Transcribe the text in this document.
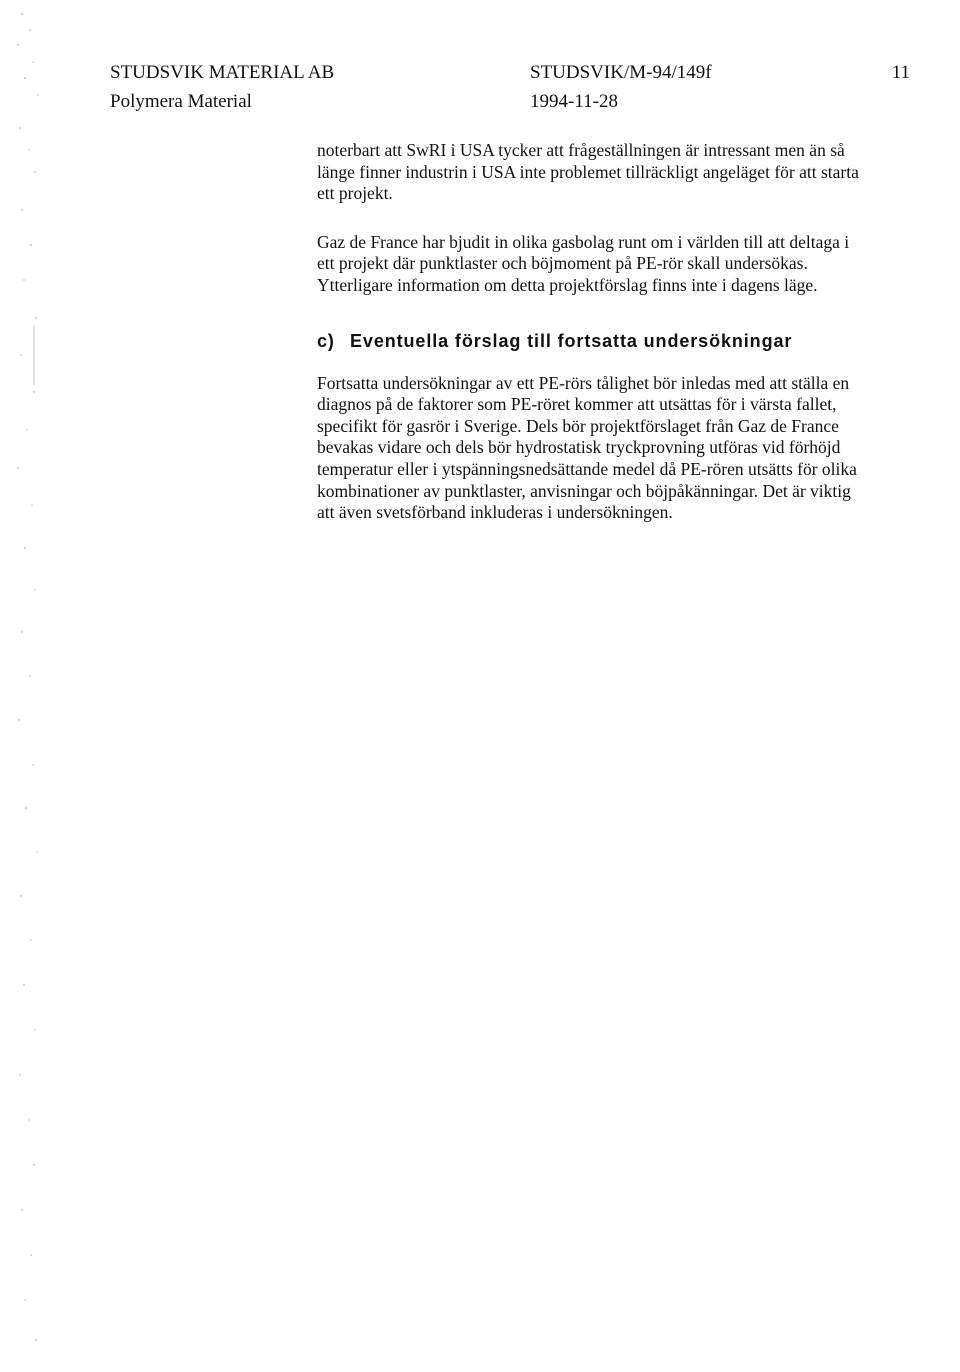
STUDSVIK MATERIAL AB	STUDSVIK/M-94/149f	11
Polymera Material	1994-11-28

noterbart att SwRI i USA tycker att frågeställningen är intressant men än så
länge finner industrin i USA inte problemet tillräckligt angeläget för att starta
ett projekt.

Gaz de France har bjudit in olika gasbolag runt om i världen till att deltaga i
ett projekt där punktlaster och böjmoment på PE-rör skall undersökas.
Ytterligare information om detta projektförslag finns inte i dagens läge.

c) Eventuella förslag till fortsatta undersökningar

Fortsatta undersökningar av ett PE-rörs tålighet bör inledas med att ställa en
diagnos på de faktorer som PE-röret kommer att utsättas för i värsta fallet,
specifikt för gasrör i Sverige. Dels bör projektförslaget från Gaz de France
bevakas vidare och dels bör hydrostatisk tryckprovning utföras vid förhöjd
temperatur eller i ytspänningsnedsättande medel då PE-rören utsätts för olika
kombinationer av punktlaster, anvisningar och böjpåkänningar. Det är viktig
att även svetsförband inkluderas i undersökningen.
